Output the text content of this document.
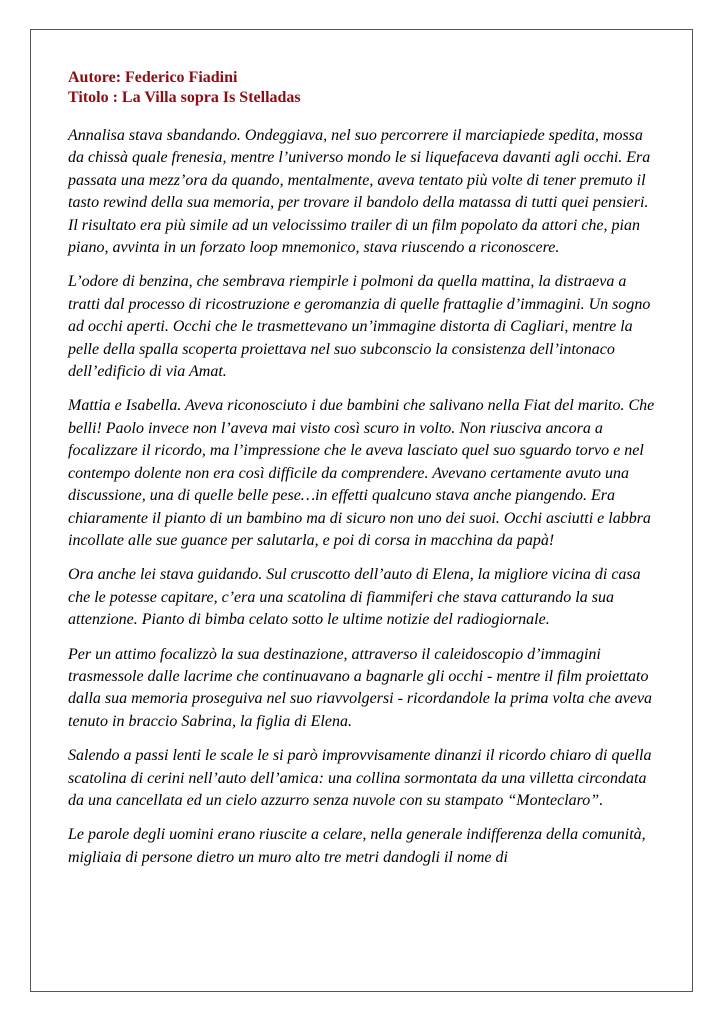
Autore: Federico Fiadini

Titolo : La Villa sopra Is Stelladas

Annalisa stava sbandando. Ondeggiava, nel suo percorrere il marciapiede spedita, mossa da chissà quale frenesia, mentre l’universo mondo le si liquefaceva davanti agli occhi. Era passata una mezz’ora da quando, mentalmente, aveva tentato più volte di tener premuto il tasto rewind della sua memoria, per trovare il bandolo della matassa di tutti quei pensieri. Il risultato era più simile ad un velocissimo trailer di un film popolato da attori che, pian piano, avvinta in un forzato loop mnemonico, stava riuscendo a riconoscere.

L’odore di benzina, che sembrava riempirle i polmoni da quella mattina, la distraeva a tratti dal processo di ricostruzione e geromanzia di quelle frattaglie d’immagini. Un sogno ad occhi aperti. Occhi che le trasmettevano un’immagine distorta di Cagliari, mentre la pelle della spalla scoperta proiettava nel suo subconscio la consistenza dell’intonaco dell’edificio di via Amat.

Mattia e Isabella. Aveva riconosciuto i due bambini che salivano nella Fiat del marito. Che belli! Paolo invece non l’aveva mai visto così scuro in volto. Non riusciva ancora a focalizzare il ricordo, ma l’impressione che le aveva lasciato quel suo sguardo torvo e nel contempo dolente non era così difficile da comprendere. Avevano certamente avuto una discussione, una di quelle belle pese…in effetti qualcuno stava anche piangendo. Era chiaramente il pianto di un bambino ma di sicuro non uno dei suoi. Occhi asciutti e labbra incollate alle sue guance per salutarla, e poi di corsa in macchina da papà!

Ora anche lei stava guidando. Sul cruscotto dell’auto di Elena, la migliore vicina di casa che le potesse capitare, c’era una scatolina di fiammiferi che stava catturando la sua attenzione. Pianto di bimba celato sotto le ultime notizie del radiogiornale.

Per un attimo focalizzò la sua destinazione, attraverso il caleidoscopio d’immagini trasmessole dalle lacrime che continuavano a bagnarle gli occhi - mentre il film proiettato dalla sua memoria proseguiva nel suo riavvolgersi - ricordandole la prima volta che aveva tenuto in braccio Sabrina, la figlia di Elena.

Salendo a passi lenti le scale le si parò improvvisamente dinanzi il ricordo chiaro di quella scatolina di cerini nell’auto dell’amica: una collina sormontata da una villetta circondata da una cancellata ed un cielo azzurro senza nuvole con su stampato “Monteclaro”.

Le parole degli uomini erano riuscite a celare, nella generale indifferenza della comunità, migliaia di persone dietro un muro alto tre metri dandogli il nome di
